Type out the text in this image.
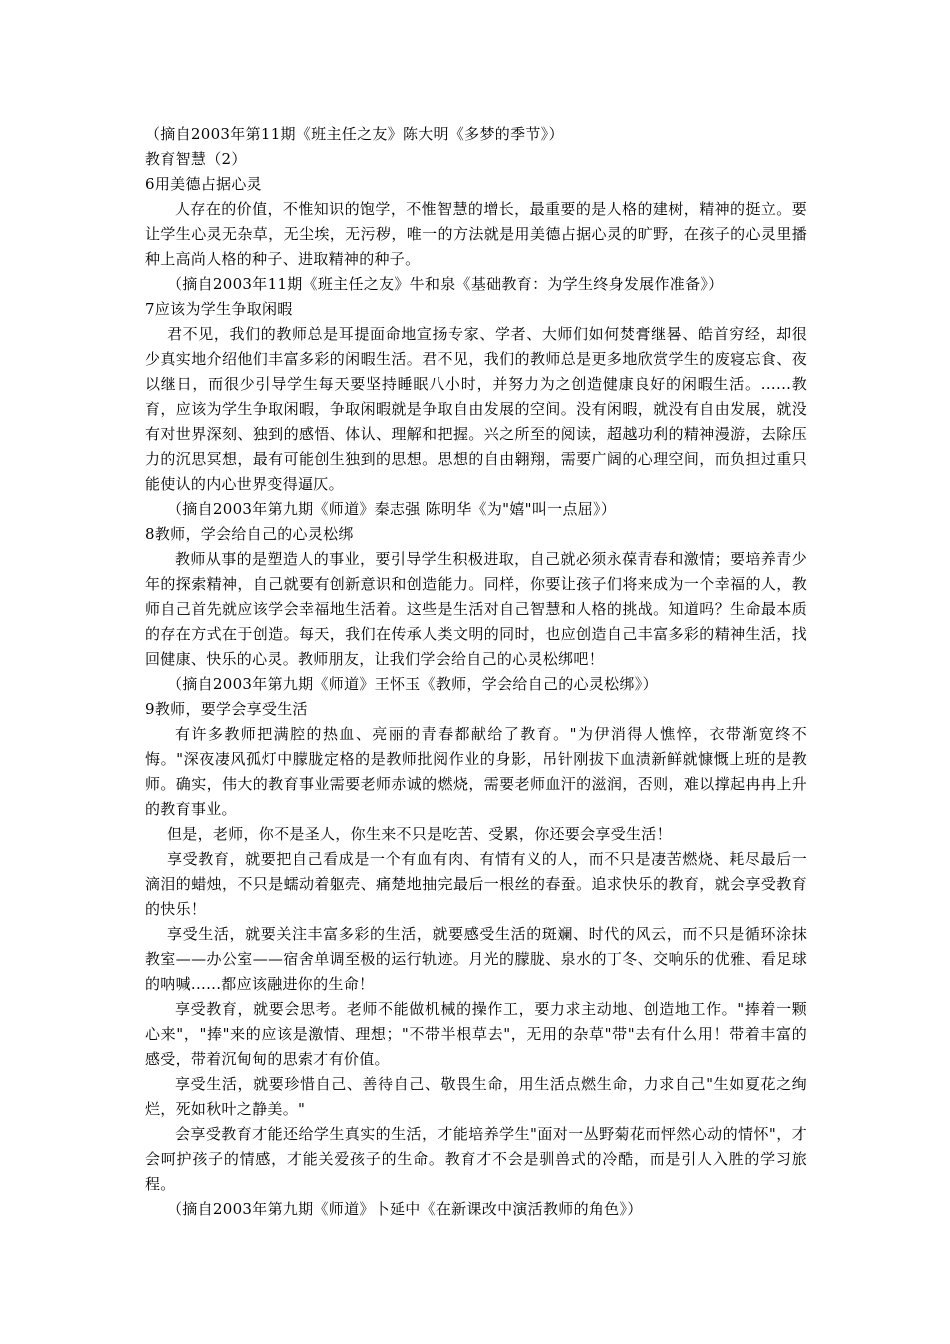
（摘自2003年第11期《班主任之友》陈大明《多梦的季节》）

教育智慧（2）

6用美德占据心灵

人存在的价值，不惟知识的饱学，不惟智慧的增长，最重要的是人格的建树，精神的挺立。要让学生心灵无杂草，无尘埃，无污秽，唯一的方法就是用美德占据心灵的旷野，在孩子的心灵里播种上高尚人格的种子、进取精神的种子。

（摘自2003年11期《班主任之友》牛和泉《基础教育：为学生终身发展作准备》）

7应该为学生争取闲暇

君不见，我们的教师总是耳提面命地宣扬专家、学者、大师们如何焚膏继晷、皓首穷经，却很少真实地介绍他们丰富多彩的闲暇生活。君不见，我们的教师总是更多地欣赏学生的废寝忘食、夜以继日，而很少引导学生每天要坚持睡眠八小时，并努力为之创造健康良好的闲暇生活。......教育，应该为学生争取闲暇，争取闲暇就是争取自由发展的空间。没有闲暇，就没有自由发展，就没有对世界深刻、独到的感悟、体认、理解和把握。兴之所至的阅读，超越功利的精神漫游，去除压力的沉思冥想，最有可能创生独到的思想。思想的自由翱翔，需要广阔的心理空间，而负担过重只能使认的内心世界变得逼仄。

（摘自2003年第九期《师道》秦志强 陈明华《为"嬉"叫一点屈》）

8教师，学会给自己的心灵松绑

教师从事的是塑造人的事业，要引导学生积极进取，自己就必须永葆青春和激情；要培养青少年的探索精神，自己就要有创新意识和创造能力。同样，你要让孩子们将来成为一个幸福的人，教师自己首先就应该学会幸福地生活着。这些是生活对自己智慧和人格的挑战。知道吗？生命最本质的存在方式在于创造。每天，我们在传承人类文明的同时，也应创造自己丰富多彩的精神生活，找回健康、快乐的心灵。教师朋友，让我们学会给自己的心灵松绑吧！

（摘自2003年第九期《师道》王怀玉《教师，学会给自己的心灵松绑》）

9教师，要学会享受生活

有许多教师把满腔的热血、亮丽的青春都献给了教育。"为伊消得人憔悴，衣带渐宽终不悔。"深夜凄风孤灯中朦胧定格的是教师批阅作业的身影，吊针刚拔下血渍新鲜就慷慨上班的是教师。确实，伟大的教育事业需要老师赤诚的燃烧，需要老师血汗的滋润，否则，难以撑起冉冉上升的教育事业。

但是，老师，你不是圣人，你生来不只是吃苦、受累，你还要会享受生活！

享受教育，就要把自己看成是一个有血有肉、有情有义的人，而不只是凄苦燃烧、耗尽最后一滴泪的蜡烛，不只是蠕动着躯壳、痛楚地抽完最后一根丝的春蚕。追求快乐的教育，就会享受教育的快乐！

享受生活，就要关注丰富多彩的生活，就要感受生活的斑斓、时代的风云，而不只是循环涂抹教室——办公室——宿舍单调至极的运行轨迹。月光的朦胧、泉水的丁冬、交响乐的优雅、看足球的呐喊......都应该融进你的生命！

享受教育，就要会思考。老师不能做机械的操作工，要力求主动地、创造地工作。"捧着一颗心来"，"捧"来的应该是激情、理想；"不带半根草去"，无用的杂草"带"去有什么用！带着丰富的感受，带着沉甸甸的思索才有价值。

享受生活，就要珍惜自己、善待自己、敬畏生命，用生活点燃生命，力求自己"生如夏花之绚烂，死如秋叶之静美。"

会享受教育才能还给学生真实的生活，才能培养学生"面对一丛野菊花而怦然心动的情怀"，才会呵护孩子的情感，才能关爱孩子的生命。教育才不会是驯兽式的冷酷，而是引人入胜的学习旅程。

（摘自2003年第九期《师道》卜延中《在新课改中演活教师的角色》）
